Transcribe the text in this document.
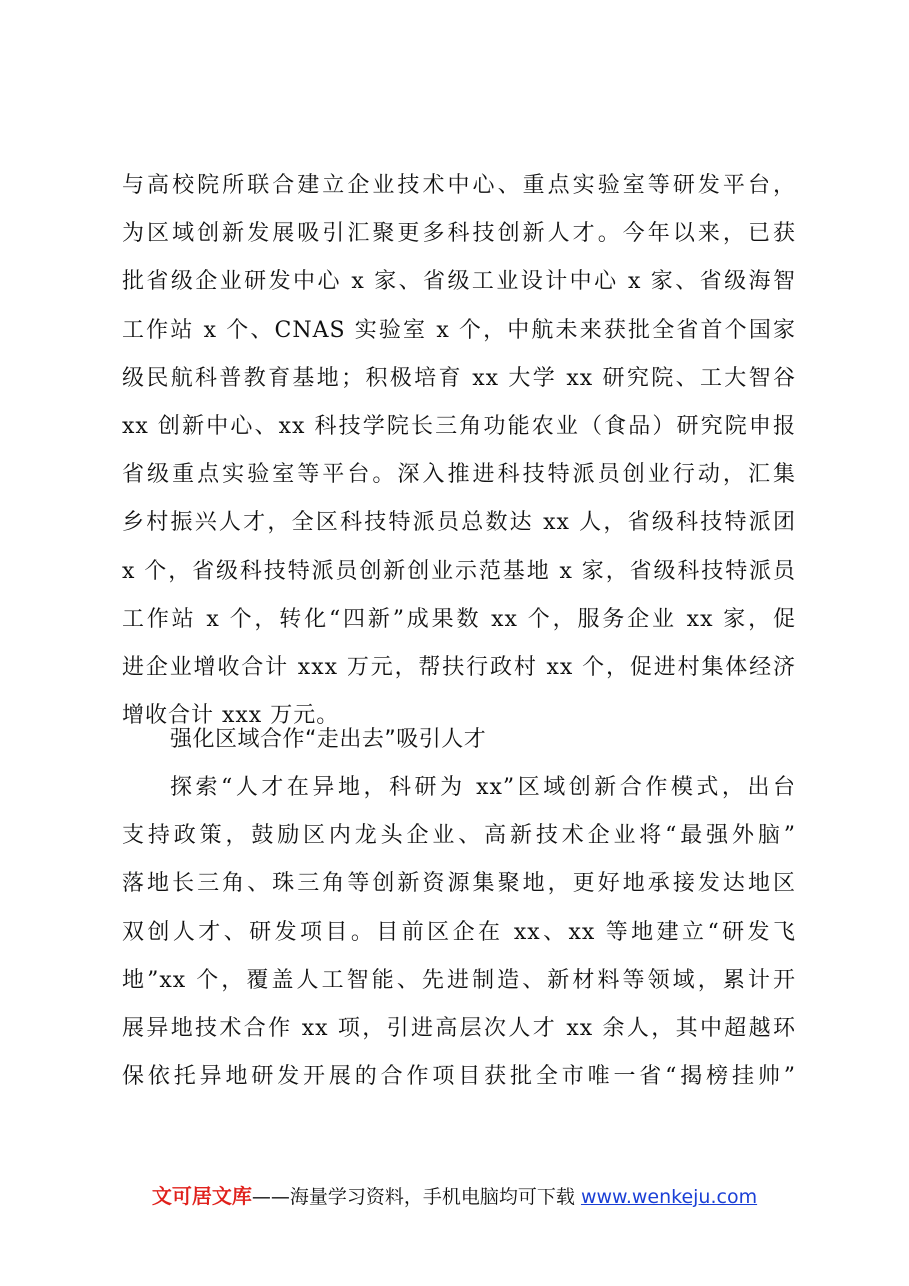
与高校院所联合建立企业技术中心、重点实验室等研发平台，
为区域创新发展吸引汇聚更多科技创新人才。今年以来，已获
批省级企业研发中心 x 家、省级工业设计中心 x 家、省级海智
工作站 x 个、CNAS 实验室 x 个，中航未来获批全省首个国家
级民航科普教育基地；积极培育 xx 大学 xx 研究院、工大智谷
xx 创新中心、xx 科技学院长三角功能农业（食品）研究院申报
省级重点实验室等平台。深入推进科技特派员创业行动，汇集
乡村振兴人才，全区科技特派员总数达 xx 人，省级科技特派团
x 个，省级科技特派员创新创业示范基地 x 家，省级科技特派员
工作站 x 个，转化“四新”成果数 xx 个，服务企业 xx 家，促
进企业增收合计 xxx 万元，帮扶行政村 xx 个，促进村集体经济
增收合计 xxx 万元。
强化区域合作“走出去”吸引人才
探索“人才在异地，科研为 xx”区域创新合作模式，出台
支持政策，鼓励区内龙头企业、高新技术企业将“最强外脑”
落地长三角、珠三角等创新资源集聚地，更好地承接发达地区
双创人才、研发项目。目前区企在 xx、xx 等地建立“研发飞
地”xx 个，覆盖人工智能、先进制造、新材料等领域，累计开
展异地技术合作 xx 项，引进高层次人才 xx 余人，其中超越环
保依托异地研发开展的合作项目获批全市唯一省“揭榜挂帅”
文可居文库——海量学习资料，手机电脑均可下载 www.wenkeju.com
